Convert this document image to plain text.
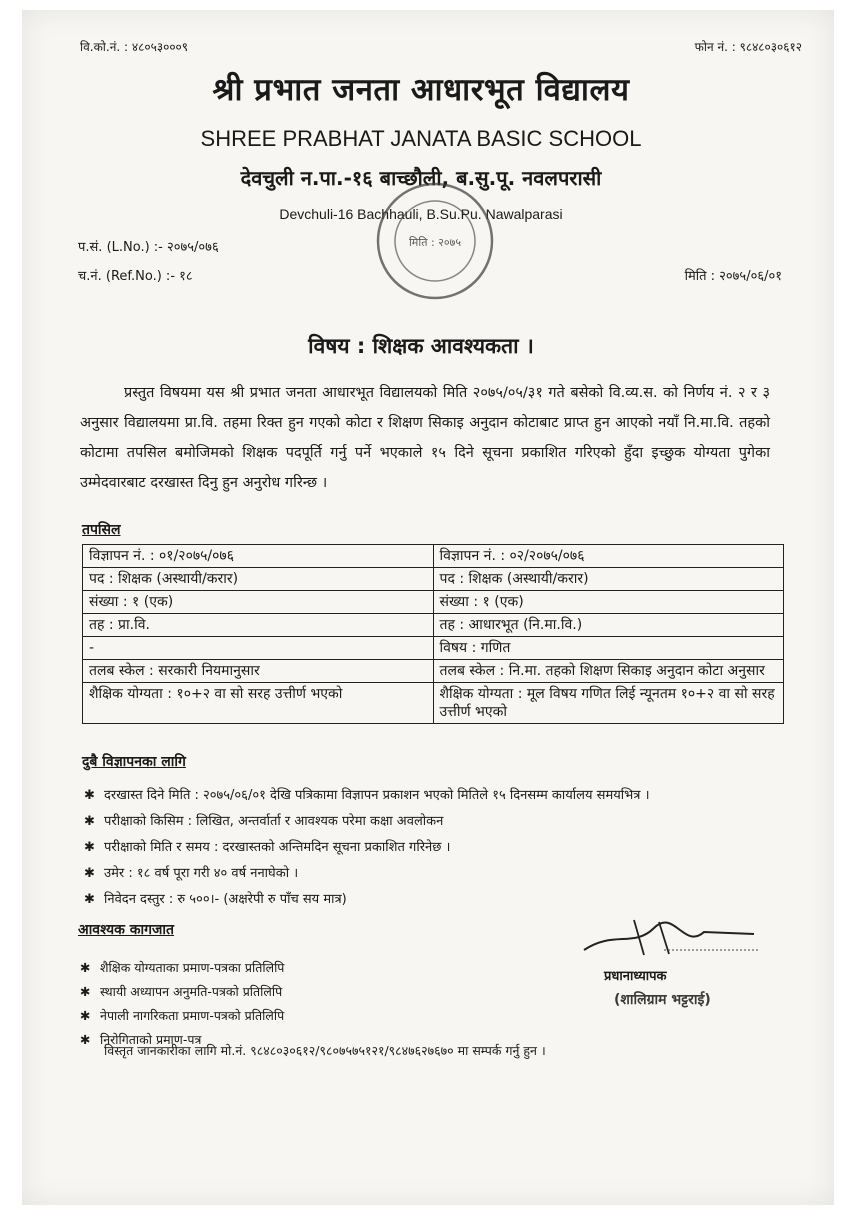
वि.को.नं. : ४८०५३०००९	फोन नं. : ९८४८०३०६१२
श्री प्रभात जनता आधारभूत विद्यालय
SHREE PRABHAT JANATA BASIC SCHOOL
देवचुली न.पा.-१६ बाच्छौली, ब.सु.पू. नवलपरासी
Devchuli-16 Bachhauli, B.Su.Pu. Nawalparasi
मिति : २०७५
प.सं. (L.No.) :- २०७५/०७६
च.नं. (Ref.No.) :- १८	मिति : २०७५/०६/०१
विषय : शिक्षक आवश्यकता ।
प्रस्तुत विषयमा यस श्री प्रभात जनता आधारभूत विद्यालयको मिति २०७५/०५/३१ गते बसेको वि.व्य.स. को निर्णय नं. २ र ३ अनुसार विद्यालयमा प्रा.वि. तहमा रिक्त हुन गएको कोटा र शिक्षण सिकाइ अनुदान कोटाबाट प्राप्त हुन आएको नयाँ नि.मा.वि. तहको कोटामा तपसिल बमोजिमको शिक्षक पदपूर्ति गर्नु पर्ने भएकाले १५ दिने सूचना प्रकाशित गरिएको हुँदा इच्छुक योग्यता पुगेका उम्मेदवारबाट दरखास्त दिनु हुन अनुरोध गरिन्छ ।
तपसिल
विज्ञापन नं. : ०१/२०७५/०७६	विज्ञापन नं. : ०२/२०७५/०७६
पद : शिक्षक (अस्थायी/करार)	पद : शिक्षक (अस्थायी/करार)
संख्या : १ (एक)	संख्या : १ (एक)
तह : प्रा.वि.	तह : आधारभूत (नि.मा.वि.)
-	विषय : गणित
तलब स्केल : सरकारी नियमानुसार	तलब स्केल : नि.मा. तहको शिक्षण सिकाइ अनुदान कोटा अनुसार
शैक्षिक योग्यता : १०+२ वा सो सरह उत्तीर्ण भएको	शैक्षिक योग्यता : मूल विषय गणित लिई न्यूनतम १०+२ वा सो सरह उत्तीर्ण भएको
दुबै विज्ञापनका लागि
✱ दरखास्त दिने मिति : २०७५/०६/०१ देखि पत्रिकामा विज्ञापन प्रकाशन भएको मितिले १५ दिनसम्म कार्यालय समयभित्र ।
✱ परीक्षाको किसिम : लिखित, अन्तर्वार्ता र आवश्यक परेमा कक्षा अवलोकन
✱ परीक्षाको मिति र समय : दरखास्तको अन्तिमदिन सूचना प्रकाशित गरिनेछ ।
✱ उमेर : १८ वर्ष पूरा गरी ४० वर्ष ननाघेको ।
✱ निवेदन दस्तुर : रु ५००।- (अक्षरेपी रु पाँच सय मात्र)
आवश्यक कागजात
✱ शैक्षिक योग्यताका प्रमाण-पत्रका प्रतिलिपि
✱ स्थायी अध्यापन अनुमति-पत्रको प्रतिलिपि
✱ नेपाली नागरिकता प्रमाण-पत्रको प्रतिलिपि
✱ निरोगिताको प्रमाण-पत्र
विस्तृत जानकारीका लागि मो.नं. ९८४८०३०६१२/९८०७५७५१२१/९८४७६२७६७० मा सम्पर्क गर्नु हुन ।
प्रधानाध्यापक
(शालिग्राम भट्टराई)
